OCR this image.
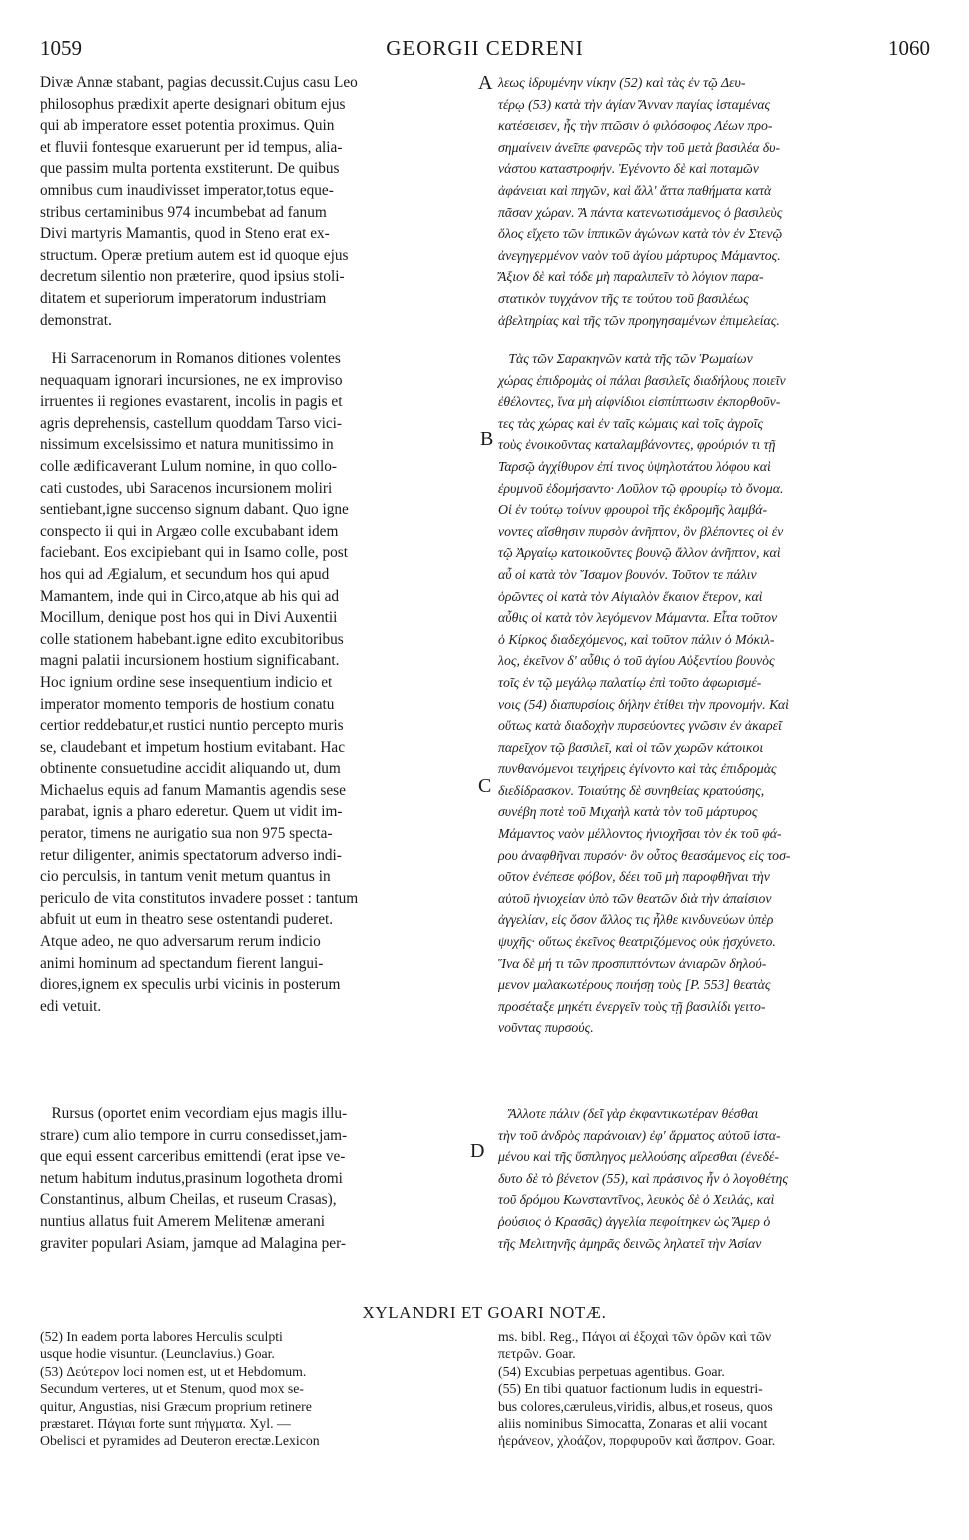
1059	GEORGII CEDRENI	1060
Divæ Annæ stabant, pagias decussit.Cujus casu Leo
philosophus prædixit aperte designari obitum ejus
qui ab imperatore esset potentia proximus. Quin
et fluvii fontesque exaruerunt per id tempus, alia-
que passim multa portenta exstiterunt. De quibus
omnibus cum inaudivisset imperator,totus eque-
stribus certaminibus 974 incumbebat ad fanum
Divi martyris Mamantis, quod in Steno erat ex-
structum. Operæ pretium autem est id quoque ejus
decretum silentio non præterire, quod ipsius stoli-
ditatem et superiorum imperatorum industriam
demonstrat.
Hi Sarracenorum in Romanos ditiones volentes
nequaquam ignorari incursiones, ne ex improviso
irruentes ii regiones evastarent, incolis in pagis et
agris deprehensis, castellum quoddam Tarso vici-
nissimum excelsissimo et natura munitissimo in
colle ædificaverant Lulum nomine, in quo collo-
cati custodes, ubi Saracenos incursionem moliri
sentiebant,igne succenso signum dabant. Quo igne
conspecto ii qui in Argæo colle excubabant idem
faciebant. Eos excipiebant qui in Isamo colle, post
hos qui ad Ægialum, et secundum hos qui apud
Mamantem, inde qui in Circo,atque ab his qui ad
Mocillum, denique post hos qui in Divi Auxentii
colle stationem habebant.igne edito excubitoribus
magni palatii incursionem hostium significabant.
Hoc ignium ordine sese insequentium indicio et
imperator momento temporis de hostium conatu
certior reddebatur,et rustici nuntio percepto muris
se, claudebant et impetum hostium evitabant. Hac
obtinente consuetudine accidit aliquando ut, dum
Michaelus equis ad fanum Mamantis agendis sese
parabat, ignis a pharo ederetur. Quem ut vidit im-
perator, timens ne aurigatio sua non 975 specta-
retur diligenter, animis spectatorum adverso indi-
cio perculsis, in tantum venit metum quantus in
periculo de vita constitutos invadere posset : tantum
abfuit ut eum in theatro sese ostentandi puderet.
Atque adeo, ne quo adversarum rerum indicio
animi hominum ad spectandum fierent langui-
diores,ignem ex speculis urbi vicinis in posterum
edi vetuit.
Rursus (oportet enim vecordiam ejus magis illu-
strare) cum alio tempore in curru consedisset,jam-
que equi essent carceribus emittendi (erat ipse ve-
netum habitum indutus,prasinum logotheta dromi
Constantinus, album Cheilas, et ruseum Crasas),
nuntius allatus fuit Amerem Melitenæ amerani
graviter populari Asiam, jamque ad Malagina per-
A
B
C
D
λεως ἱδρυμένην νίκην (52) καὶ τὰς ἐν τῷ Δευ-
τέρῳ (53) κατὰ τὴν ἁγίαν Ἄνναν παγίας ἱσταμένας
κατέσεισεν, ἧς τὴν πτῶσιν ὁ φιλόσοφος Λέων προ-
σημαίνειν ἀνεῖπε φανερῶς τὴν τοῦ μετὰ βασιλέα δυ-
νάστου καταστροφήν. Ἐγένοντο δὲ καὶ ποταμῶν
ἀφάνειαι καὶ πηγῶν, καὶ ἄλλ' ἄττα παθήματα κατὰ
πᾶσαν χώραν. Ἃ πάντα κατενωτισάμενος ὁ βασιλεὺς
ὅλος εἴχετο τῶν ἱππικῶν ἀγώνων κατὰ τὸν ἐν Στενῷ
ἀνεγηγερμένον ναὸν τοῦ ἁγίου μάρτυρος Μάμαντος.
Ἄξιον δὲ καὶ τόδε μὴ παραλιπεῖν τὸ λόγιον παρα-
στατικὸν τυγχάνον τῆς τε τούτου τοῦ βασιλέως
ἀβελτηρίας καὶ τῆς τῶν προηγησαμένων ἐπιμελείας.
Τὰς τῶν Σαρακηνῶν κατὰ τῆς τῶν Ῥωμαίων
χώρας ἐπιδρομὰς οἱ πάλαι βασιλεῖς διαδήλους ποιεῖν
ἐθέλοντες, ἵνα μὴ αἰφνίδιοι εἰσπίπτωσιν ἐκπορθοῦν-
τες τὰς χώρας καὶ ἐν ταῖς κώμαις καὶ τοῖς ἀγροῖς
τοὺς ἐνοικοῦντας καταλαμβάνοντες, φρούριόν τι τῇ
Ταρσῷ ἀγχίθυρον ἐπί τινος ὑψηλοτάτου λόφου καὶ
ἐρυμνοῦ ἐδομήσαντο· Λοῦλον τῷ φρουρίῳ τὸ ὄνομα.
Οἱ ἐν τούτῳ τοίνυν φρουροὶ τῆς ἐκδρομῆς λαμβά-
νοντες αἴσθησιν πυρσὸν ἀνῆπτον, ὃν βλέποντες οἱ ἐν
τῷ Ἀργαίῳ κατοικοῦντες βουνῷ ἄλλον ἀνῆπτον, καὶ
αὖ οἱ κατὰ τὸν Ἴσαμον βουνόν. Τοῦτον τε πάλιν
ὁρῶντες οἱ κατὰ τὸν Αἰγιαλὸν ἕκαιον ἕτερον, καὶ
αὖθις οἱ κατὰ τὸν λεγόμενον Μάμαντα. Εἶτα τοῦτον
ὁ Κίρκος διαδεχόμενος, καὶ τοῦτον πάλιν ὁ Μόκιλ-
λος, ἐκεῖνον δ' αὖθις ὁ τοῦ ἁγίου Αὐξεντίου βουνὸς
τοῖς ἐν τῷ μεγάλῳ παλατίῳ ἐπὶ τοῦτο ἀφωρισμέ-
νοις (54) διαπυρσίοις δήλην ἐτίθει τὴν προνομήν. Καὶ
οὕτως κατὰ διαδοχὴν πυρσεύοντες γνῶσιν ἐν ἀκαρεῖ
παρεῖχον τῷ βασιλεῖ, καὶ οἱ τῶν χωρῶν κάτοικοι
πυνθανόμενοι τειχήρεις ἐγίνοντο καὶ τὰς ἐπιδρομὰς
διεδίδρασκον. Τοιαύτης δὲ συνηθείας κρατούσης,
συνέβη ποτὲ τοῦ Μιχαὴλ κατὰ τὸν τοῦ μάρτυρος
Μάμαντος ναὸν μέλλοντος ἡνιοχῆσαι τὸν ἐκ τοῦ φά-
ρου ἀναφθῆναι πυρσόν· ὃν οὗτος θεασάμενος εἰς τοσ-
οῦτον ἐνέπεσε φόβον, δέει τοῦ μὴ παροφθῆναι τὴν
αὐτοῦ ἡνιοχείαν ὑπὸ τῶν θεατῶν διὰ τὴν ἀπαίσιον
ἀγγελίαν, εἰς ὅσον ἄλλος τις ἦλθε κινδυνεύων ὑπὲρ
ψυχῆς· οὕτως ἐκεῖνος θεατριζόμενος οὐκ ᾐσχύνετο.
Ἵνα δὲ μή τι τῶν προσπιπτόντων ἀνιαρῶν δηλού-
μενον μαλακωτέρους ποιήσῃ τοὺς [P. 553] θεατὰς
προσέταξε μηκέτι ἐνεργεῖν τοὺς τῇ βασιλίδι γειτο-
νοῦντας πυρσούς.
Ἄλλοτε πάλιν (δεῖ γὰρ ἐκφαντικωτέραν θέσθαι
τὴν τοῦ ἀνδρὸς παράνοιαν) ἐφ' ἅρματος αὐτοῦ ἱστα-
μένου καὶ τῆς ὕσπληγος μελλούσης αἴρεσθαι (ἐνεδέ-
δυτο δὲ τὸ βένετον (55), καὶ πράσινος ἦν ὁ λογοθέτης
τοῦ δρόμου Κωνσταντῖνος, λευκὸς δὲ ὁ Χειλάς, καὶ
ῥούσιος ὁ Κρασᾶς) ἀγγελία πεφοίτηκεν ὡς Ἄμερ ὁ
τῆς Μελιτηνῆς ἀμηρᾶς δεινῶς ληλατεῖ τὴν Ἀσίαν
XYLANDRI ET GOARI NOTÆ.
(52) In eadem porta labores Herculis sculpti
usque hodie visuntur. (Leunclavius.) Goar.
(53) Δεύτερον loci nomen est, ut et Hebdomum.
Secundum verteres, ut et Stenum, quod mox se-
quitur, Angustias, nisi Græcum proprium retinere
præstaret. Πάγιαι forte sunt πήγματα. Xyl. —
Obelisci et pyramides ad Deuteron erectæ.Lexicon
ms. bibl. Reg., Πάγοι αἱ ἐξοχαὶ τῶν ὀρῶν καὶ τῶν
πετρῶν. Goar.
(54) Excubias perpetuas agentibus. Goar.
(55) En tibi quatuor factionum ludis in equestri-
bus colores,cæruleus,viridis, albus,et roseus, quos
aliis nominibus Simocatta, Zonaras et alii vocant
ἠεράνεον, χλοάζον, πορφυροῦν καὶ ἄσπρον. Goar.
